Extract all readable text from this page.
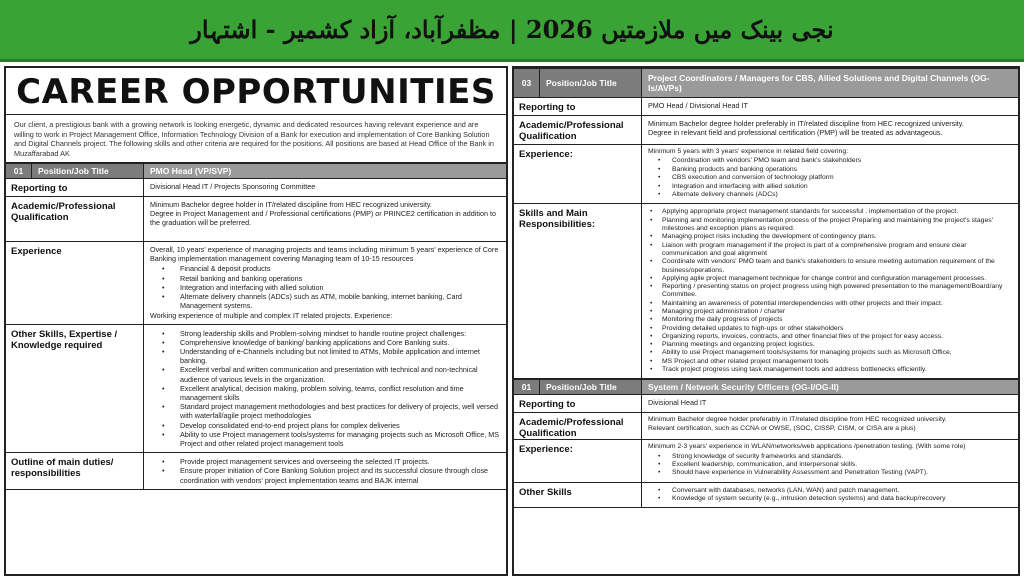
نجی بینک میں ملازمتیں 2026 | مظفرآباد، آزاد کشمیر - اشتہار
CAREER OPPORTUNITIES
Our client, a prestigious bank with a growing network is looking energetic, dynamic and dedicated resources having relevant experience and are willing to work in Project Management Office, Information Technology Division of a Bank for execution and implementation of Core Banking Solution and Digital Channels project. The following skills and other criteria are required for the positions. All positions are based at Head Office of the Bank in Muzaffarabad AK
01	Position/Job Title	PMO Head (VP/SVP)
Reporting to	Divisional Head IT / Projects Sponsoring Committee
Academic/Professional Qualification
Minimum Bachelor degree holder in IT/related discipline from HEC recognized university.
Degree in Project Management and / Professional certifications (PMP) or PRINCE2 certification in addition to the graduation will be preferred.
Experience	Overall, 10 years' experience of managing projects and teams including minimum 5 years' experience of Core Banking implementation management covering Managing team of 10-15 resources
• Financial & deposit products
• Retail banking and banking operations
• Integration and interfacing with allied solution
• Alternate delivery channels (ADCs) such as ATM, mobile banking, internet banking, Card Management systems.
Working experience of multiple and complex IT related projects. Experience:
Other Skills, Expertise / Knowledge required
• Strong leadership skills and Problem-solving mindset to handle routine project challenges:
• Comprehensive knowledge of banking/ banking applications and Core Banking suits.
• Understanding of e-Channels including but not limited to ATMs, Mobile application and internet banking.
• Excellent verbal and written communication and presentation with technical and non-technical audience of various levels in the organization.
• Excellent analytical, decision making, problem solving, teams, conflict resolution and time management skills
• Standard project management methodologies and best practices for delivery of projects, well versed with waterfall/agile project methodologies
• Develop consolidated end-to-end project plans for complex deliveries
• Ability to use Project management tools/systems for managing projects such as Microsoft Office, MS Project and other related project management tools
Outline of main duties/ responsibilities
• Provide project management services and overseeing the selected IT projects.
• Ensure proper initiation of Core Banking Solution project and its successful closure through close coordination with vendors' project implementation teams and BAJK internal
03	Position/Job Title	Project Coordinators / Managers for CBS, Allied Solutions and Digital Channels (OG-Is/AVPs)
Reporting to	PMO Head / Divisional Head IT
Academic/Professional Qualification
Minimum Bachelor degree holder preferably in IT/related discipline from HEC recognized university.
Degree in relevant field and professional certification (PMP) will be treated as advantageous.
Experience:	Minimum 5 years with 3 years' experience in related field covering:
• Coordination with vendors' PMO team and bank's stakeholders
• Banking products and banking operations
• CBS execution and conversion of technology platform
• Integration and interfacing with allied solution
• Alternate delivery channels (ADCs)
Skills and Main Responsibilities:
• Applying appropriate project management standards for successful . implementation of the project.
• Planning and monitoring implementation process of the project Preparing and maintaining the project's stages' milestones and exception plans as required.
• Managing project risks including the development of contingency plans.
• Liaison with program management if the project is part of a comprehensive program and ensure clear communication and goal alignment
• Coordinate with vendors' PMO team and bank's stakeholders to ensure meeting automation requirement of the business/operations.
• Applying agile project management technique for change control and configuration management processes.
• Reporting / presenting status on project progress using high powered presentation to the management/Board/any Committee.
• Maintaining an awareness of potential interdependencies with other projects and their impact.
• Managing project administration / charter
• Monitoring the daily progress of projects
• Providing detailed updates to high-ups or other stakeholders
• Organizing reports, invoices, contracts, and other financial files of the project for easy access.
• Planning meetings and organizing project logistics.
• Ability to use Project management tools/systems for managing projects such as Microsoft Office,
• MS Project and other related project management tools
• Track project progress using task management tools and address bottlenecks efficiently.
01	Position/Job Title	System / Network Security Officers (OG-I/OG-II)
Reporting to	Divisional Head IT
Academic/Professional Qualification
Minimum Bachelor degree holder preferably in IT/related discipline from HEC recognized university.
Relevant certification, such as CCNA or OWSE, (SOC, CISSP, CISM, or CISA are a plus)
Experience:	Minimum 2-3 years' experience in WLAN/networks/web applications /penetration testing. (With some role)
• Strong knowledge of security frameworks and standards.
• Excellent leadership, communication, and interpersonal skills.
• Should have experience in Vulnerability Assessment and Penetration Testing (VAPT).
Other Skills
•	Conversant with databases, networks (LAN, WAN) and patch management.
• Knowledge of system security (e.g., intrusion detection systems) and data backup/recovery
